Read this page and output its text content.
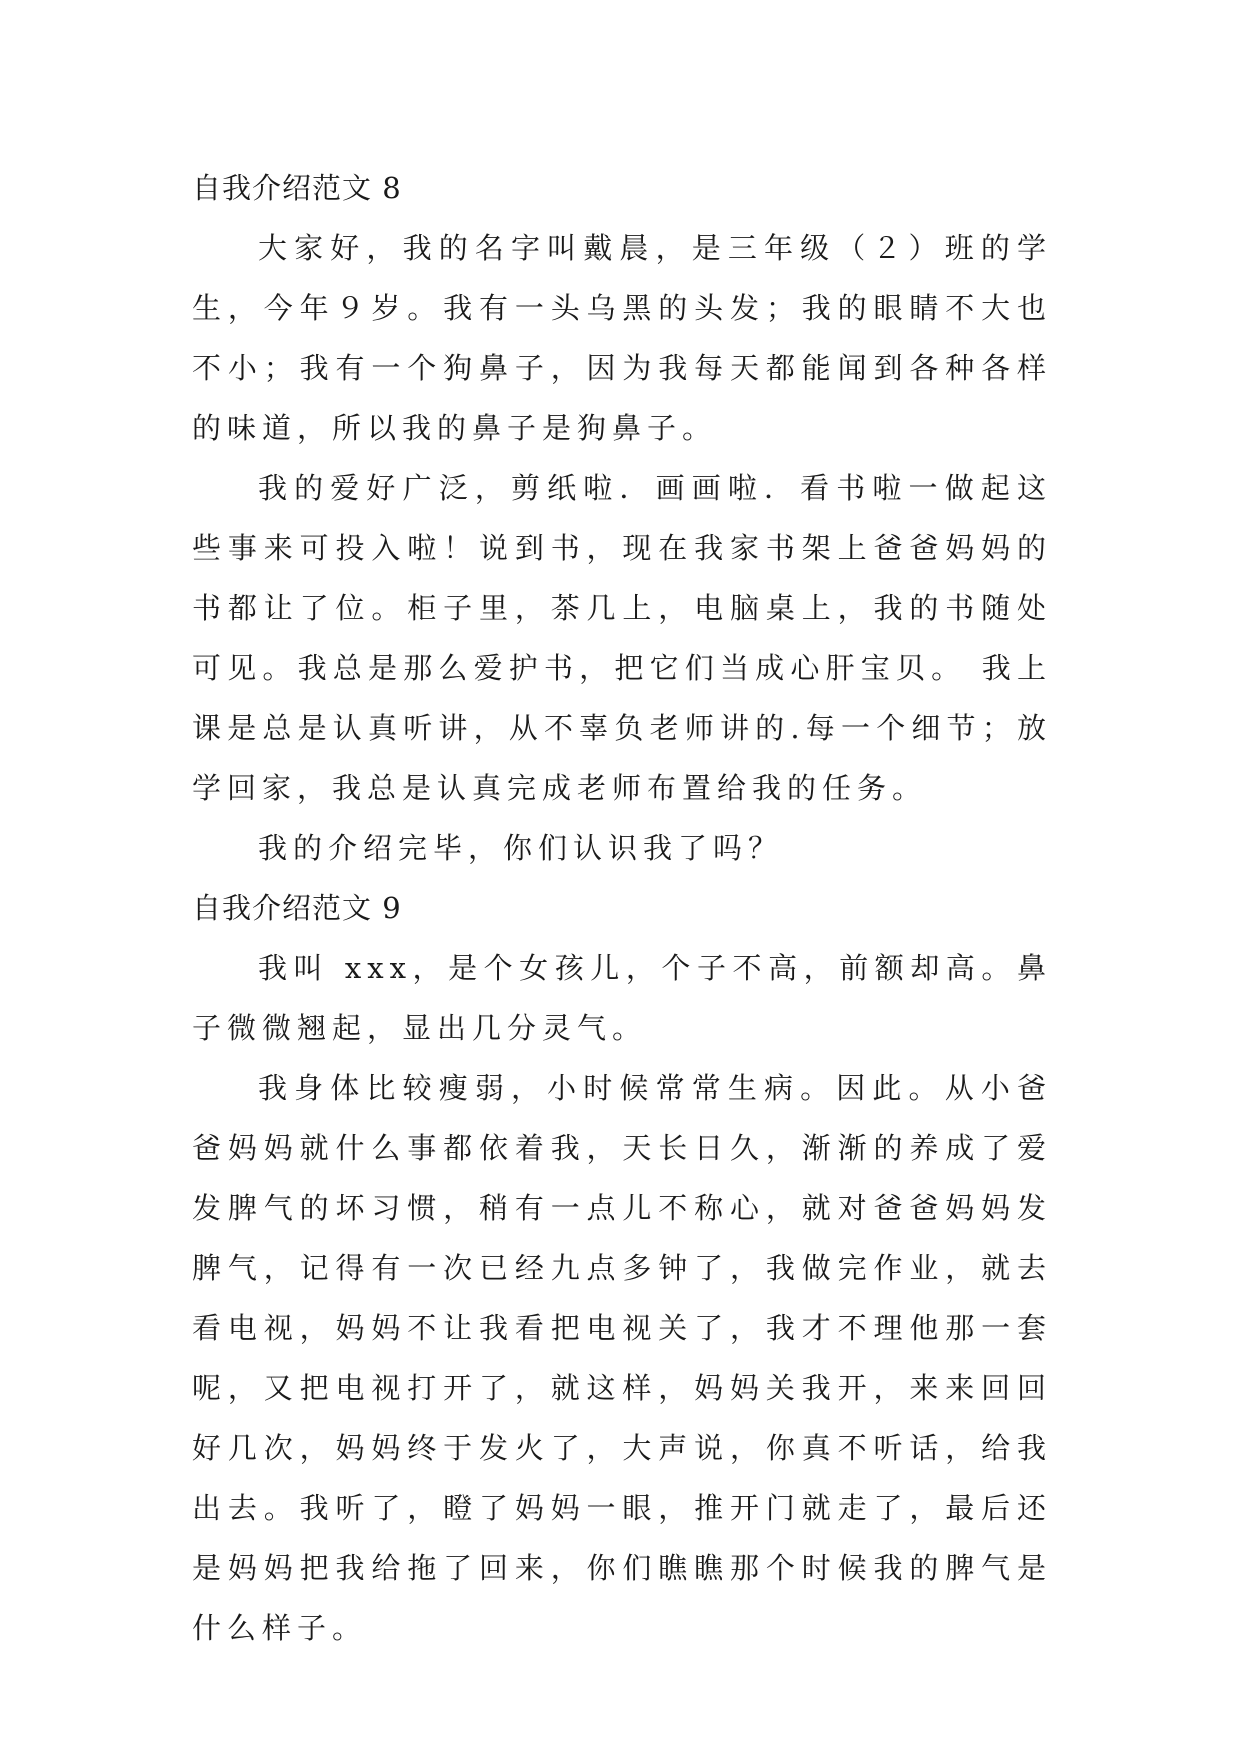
自我介绍范文 8

大家好，我的名字叫戴晨，是三年级（２）班的学生，今年９岁。我有一头乌黑的头发；我的眼睛不大也不小；我有一个狗鼻子，因为我每天都能闻到各种各样的味道，所以我的鼻子是狗鼻子。

我的爱好广泛，剪纸啦．画画啦．看书啦一做起这些事来可投入啦！说到书，现在我家书架上爸爸妈妈的书都让了位。柜子里，茶几上，电脑桌上，我的书随处可见。我总是那么爱护书，把它们当成心肝宝贝。 我上课是总是认真听讲，从不辜负老师讲的.每一个细节；放学回家，我总是认真完成老师布置给我的任务。

我的介绍完毕，你们认识我了吗？

自我介绍范文 9

我叫 xxx，是个女孩儿，个子不高，前额却高。鼻子微微翘起，显出几分灵气。

我身体比较瘦弱，小时候常常生病。因此。从小爸爸妈妈就什么事都依着我，天长日久，渐渐的养成了爱发脾气的坏习惯，稍有一点儿不称心，就对爸爸妈妈发脾气，记得有一次已经九点多钟了，我做完作业，就去看电视，妈妈不让我看把电视关了，我才不理他那一套呢，又把电视打开了，就这样，妈妈关我开，来来回回好几次，妈妈终于发火了，大声说，你真不听话，给我出去。我听了，瞪了妈妈一眼，推开门就走了，最后还是妈妈把我给拖了回来，你们瞧瞧那个时候我的脾气是什么样子。
